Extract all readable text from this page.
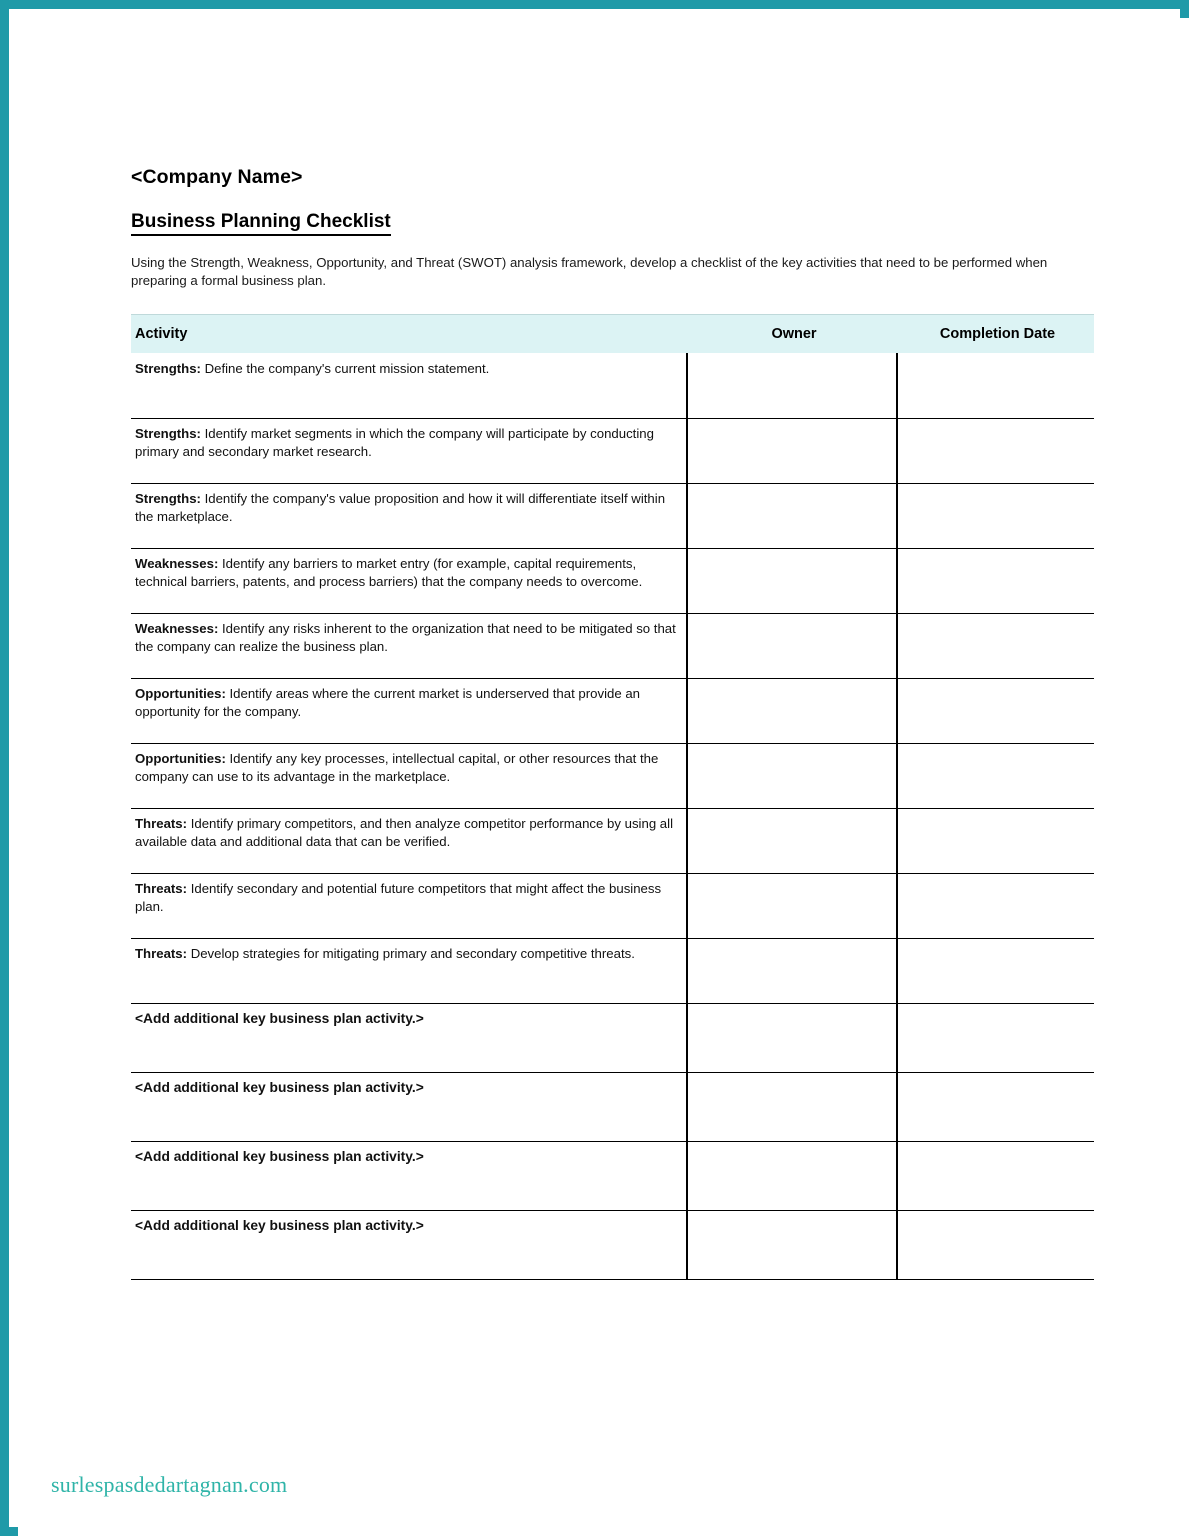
<Company Name>
Business Planning Checklist

Using the Strength, Weakness, Opportunity, and Threat (SWOT) analysis framework, develop a checklist of the key activities that need to be performed when preparing a formal business plan.

Activity	Owner	Completion Date
Strengths: Define the company's current mission statement.		
Strengths: Identify market segments in which the company will participate by conducting primary and secondary market research.		
Strengths: Identify the company's value proposition and how it will differentiate itself within the marketplace.		
Weaknesses: Identify any barriers to market entry (for example, capital requirements, technical barriers, patents, and process barriers) that the company needs to overcome.		
Weaknesses: Identify any risks inherent to the organization that need to be mitigated so that the company can realize the business plan.		
Opportunities: Identify areas where the current market is underserved that provide an opportunity for the company.		
Opportunities: Identify any key processes, intellectual capital, or other resources that the company can use to its advantage in the marketplace.		
Threats: Identify primary competitors, and then analyze competitor performance by using all available data and additional data that can be verified.		
Threats: Identify secondary and potential future competitors that might affect the business plan.		
Threats: Develop strategies for mitigating primary and secondary competitive threats.		
<Add additional key business plan activity.>		
<Add additional key business plan activity.>		
<Add additional key business plan activity.>		
<Add additional key business plan activity.>		
surlespasdedartagnan.com
